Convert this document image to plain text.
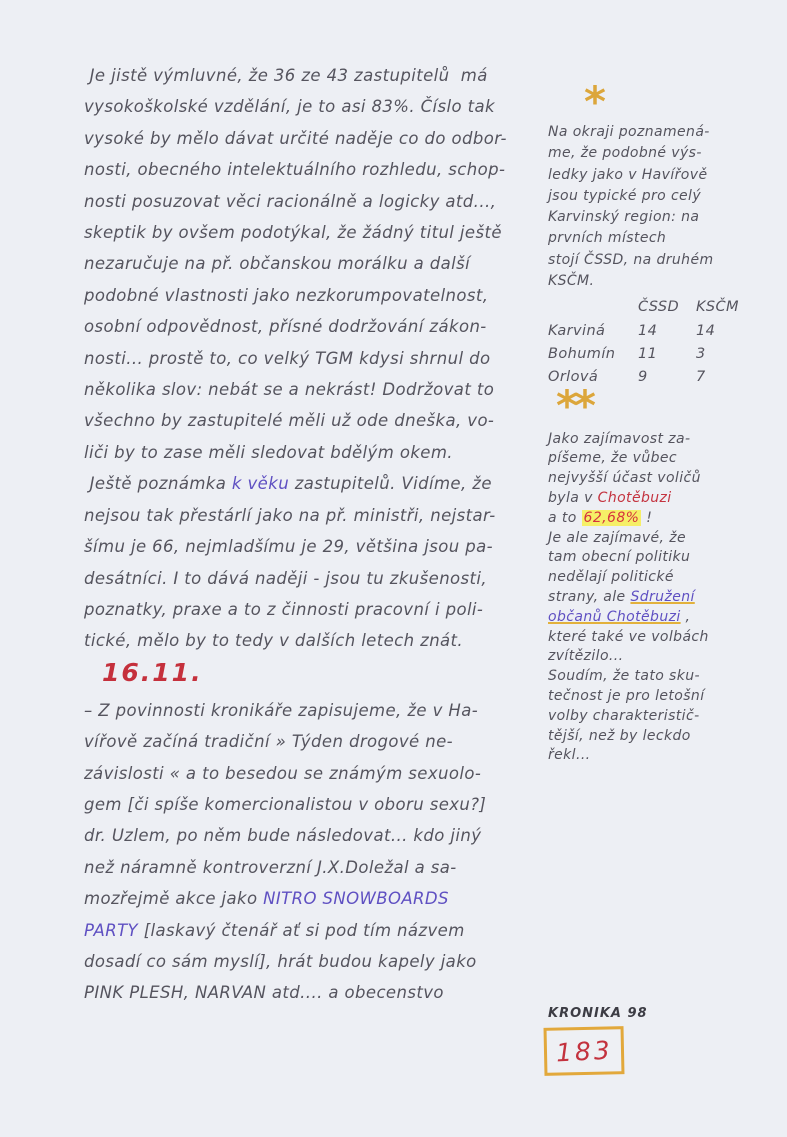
Je jistě výmluvné, že 36 ze 43 zastupitelů  má
vysokoškolské vzdělání, je to asi 83%. Číslo tak
vysoké by mělo dávat určité naděje co do odbor-
nosti, obecného intelektuálního rozhledu, schop-
nosti posuzovat věci racionálně a logicky atd...,
skeptik by ovšem podotýkal, že žádný titul ještě
nezaručuje na př. občanskou morálku a další
podobné vlastnosti jako nezkorumpovatelnost,
osobní odpovědnost, přísné dodržování zákon-
nosti... prostě to, co velký TGM kdysi shrnul do
několika slov: nebát se a nekrást! Dodržovat to
všechno by zastupitelé měli už ode dneška, vo-
liči by to zase měli sledovat bdělým okem.
Ještě poznámka k věku zastupitelů. Vidíme, že
nejsou tak přestárlí jako na př. ministři, nejstar-
šímu je 66, nejmladšímu je 29, většina jsou pa-
desátníci. I to dává naději - jsou tu zkušenosti,
poznatky, praxe a to z činnosti pracovní i poli-
tické, mělo by to tedy v dalších letech znát.
16.11.
– Z povinnosti kronikáře zapisujeme, že v Ha-
vířově začíná tradiční » Týden drogové ne-
závislosti « a to besedou se známým sexuolo-
gem [či spíše komercionalistou v oboru sexu?]
dr. Uzlem, po něm bude následovat... kdo jiný
než náramně kontroverzní J.X.Doležal a sa-
mozřejmě akce jako NITRO SNOWBOARDS
PARTY [laskavý čtenář ať si pod tím názvem
dosadí co sám myslí], hrát budou kapely jako
PINK PLESH, NARVAN atd.... a obecenstvo
*
Na okraji poznamená-
me, že podobné výs-
ledky jako v Havířově
jsou typické pro celý
Karvinský region: na
prvních místech
stojí ČSSD, na druhém
KSČM.
	ČSSD	KSČM
Karviná	14	14
Bohumín	11	3
Orlová	9	7
**
Jako zajímavost za-
píšeme, že vůbec
nejvyšší účast voličů
byla v Chotěbuzi
a to 62,68% !
Je ale zajímavé, že
tam obecní politiku
nedělají politické
strany, ale Sdružení
občanů Chotěbuzi ,
které také ve volbách
zvítězilo...
Soudím, že tato sku-
tečnost je pro letošní
volby charakteristič-
tější, než by leckdo
řekl...
KRONIKA 98
183
